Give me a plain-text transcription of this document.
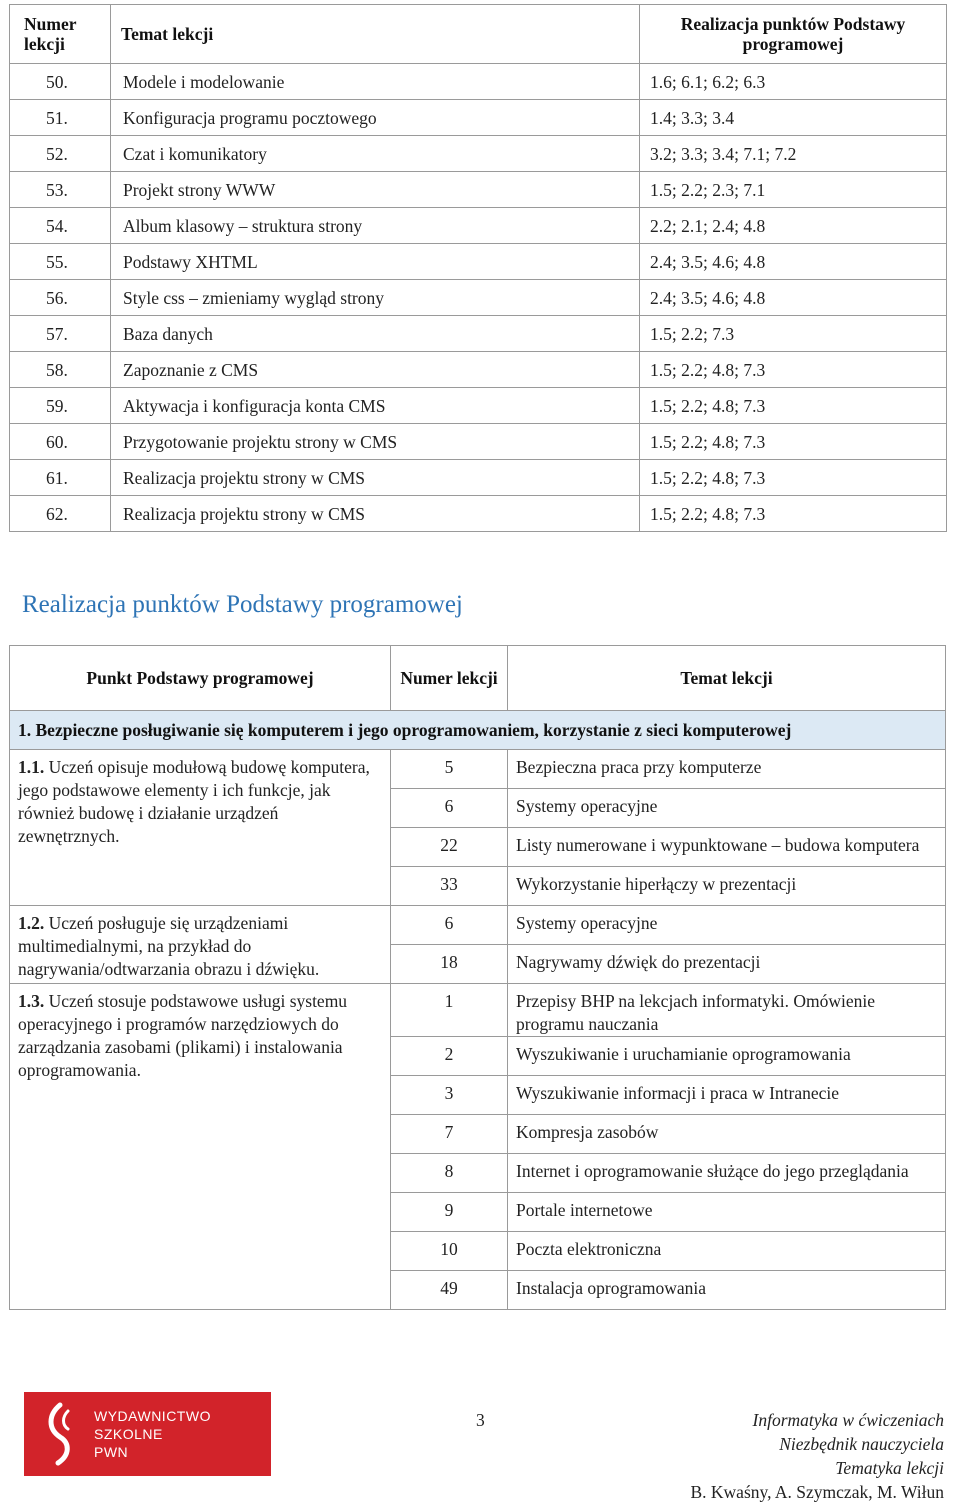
Numer lekcji	Temat lekcji	Realizacja punktów Podstawy programowej
50.	Modele i modelowanie	1.6; 6.1; 6.2; 6.3
51.	Konfiguracja programu pocztowego	1.4; 3.3; 3.4
52.	Czat i komunikatory	3.2; 3.3; 3.4; 7.1; 7.2
53.	Projekt strony WWW	1.5; 2.2; 2.3; 7.1
54.	Album klasowy – struktura strony	2.2; 2.1; 2.4; 4.8
55.	Podstawy XHTML	2.4; 3.5; 4.6; 4.8
56.	Style css – zmieniamy wygląd strony	2.4; 3.5; 4.6; 4.8
57.	Baza danych	1.5; 2.2; 7.3
58.	Zapoznanie z CMS	1.5; 2.2; 4.8; 7.3
59.	Aktywacja i konfiguracja konta CMS	1.5; 2.2; 4.8; 7.3
60.	Przygotowanie projektu strony w CMS	1.5; 2.2; 4.8; 7.3
61.	Realizacja projektu strony w CMS	1.5; 2.2; 4.8; 7.3
62.	Realizacja projektu strony w CMS	1.5; 2.2; 4.8; 7.3
Realizacja punktów Podstawy programowej
Punkt Podstawy programowej	Numer lekcji	Temat lekcji
1. Bezpieczne posługiwanie się komputerem i jego oprogramowaniem, korzystanie z sieci komputerowej		
1.1. Uczeń opisuje modułową budowę komputera, jego podstawowe elementy i ich funkcje, jak również budowę i działanie urządzeń zewnętrznych.	5	Bezpieczna praca przy komputerze
	6	Systemy operacyjne
	22	Listy numerowane i wypunktowane – budowa komputera
	33	Wykorzystanie hiperłączy w prezentacji
1.2. Uczeń posługuje się urządzeniami multimedialnymi, na przykład do nagrywania/odtwarzania obrazu i dźwięku.	6	Systemy operacyjne
	18	Nagrywamy dźwięk do prezentacji
1.3. Uczeń stosuje podstawowe usługi systemu operacyjnego i programów narzędziowych do zarządzania zasobami (plikami) i instalowania oprogramowania.	1	Przepisy BHP na lekcjach informatyki. Omówienie programu nauczania
	2	Wyszukiwanie i uruchamianie oprogramowania
	3	Wyszukiwanie informacji i praca w Intranecie
	7	Kompresja zasobów
	8	Internet i oprogramowanie służące do jego przeglądania
	9	Portale internetowe
	10	Poczta elektroniczna
	49	Instalacja oprogramowania
WYDAWNICTWO
SZKOLNE
PWN
3	Informatyka w ćwiczeniach
Niezbędnik nauczyciela
Tematyka lekcji
B. Kwaśny, A. Szymczak, M. Wiłun
